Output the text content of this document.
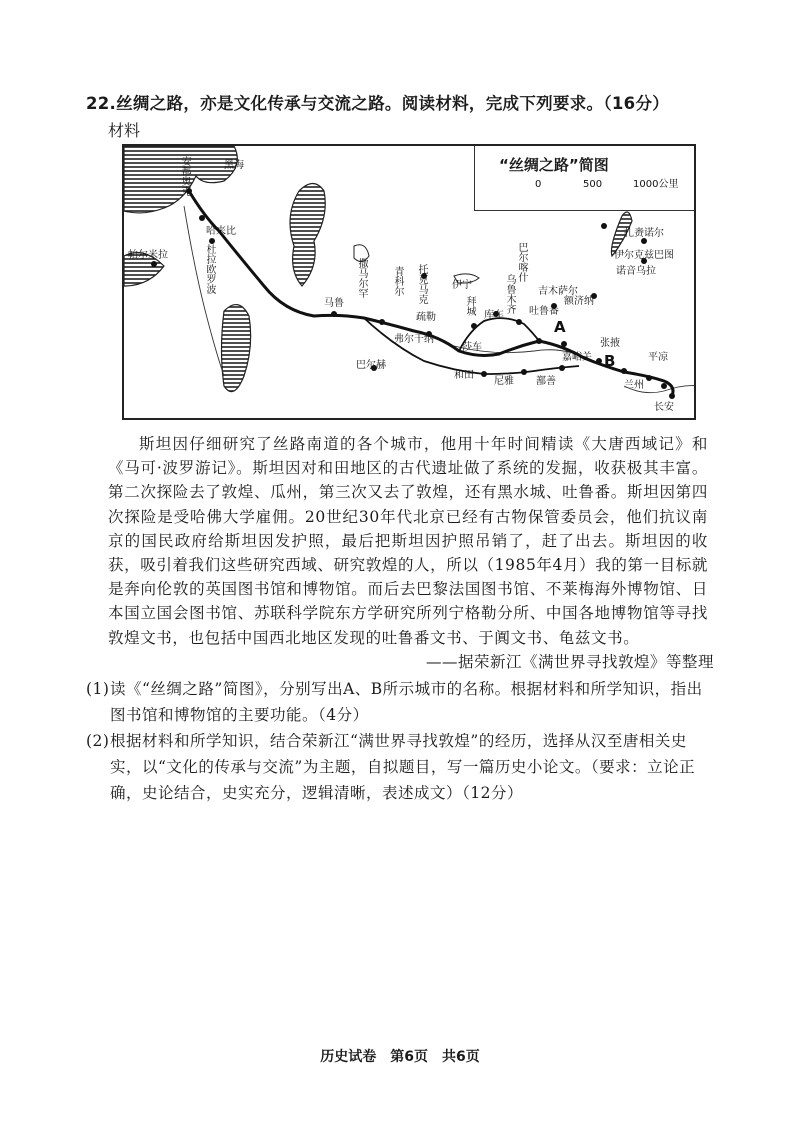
22.丝绸之路，亦是文化传承与交流之路。阅读材料，完成下列要求。（16分）
材料
“丝绸之路”简图
0	500	1000公里
黑海
安都奥克
哈来比
帕尔米拉	杜拉欧罗波
马鲁
撒马尔罕	青科尔 托克马克	伊宁
拜城
巴尔喀什
乌鲁木齐 吉木萨尔
吐鲁番
库车
疏勒
莎车
和田
尼雅 鄯善
嘉峪关
张掖
兰州
平凉
长安
巴尔赫
弗尔干纳
扎赉诺尔
伊尔克兹巴图
诺音乌拉
额济纳
A
B
斯坦因仔细研究了丝路南道的各个城市，他用十年时间精读《大唐西域记》和《马可·波罗游记》。斯坦因对和田地区的古代遗址做了系统的发掘，收获极其丰富。第二次探险去了敦煌、瓜州，第三次又去了敦煌，还有黑水城、吐鲁番。斯坦因第四次探险是受哈佛大学雇佣。20世纪30年代北京已经有古物保管委员会，他们抗议南京的国民政府给斯坦因发护照，最后把斯坦因护照吊销了，赶了出去。斯坦因的收获，吸引着我们这些研究西域、研究敦煌的人，所以（1985年4月）我的第一目标就是奔向伦敦的英国图书馆和博物馆。而后去巴黎法国图书馆、不莱梅海外博物馆、日本国立国会图书馆、苏联科学院东方学研究所列宁格勒分所、中国各地博物馆等寻找敦煌文书，也包括中国西北地区发现的吐鲁番文书、于阗文书、龟兹文书。
——据荣新江《满世界寻找敦煌》等整理
(1) 读《“丝绸之路”简图》，分别写出A、B所示城市的名称。根据材料和所学知识，指出图书馆和博物馆的主要功能。（4分）
(2) 根据材料和所学知识，结合荣新江“满世界寻找敦煌”的经历，选择从汉至唐相关史实，以“文化的传承与交流”为主题，自拟题目，写一篇历史小论文。（要求：立论正确，史论结合，史实充分，逻辑清晰，表述成文）（12分）
历史试卷　第6页　共6页
